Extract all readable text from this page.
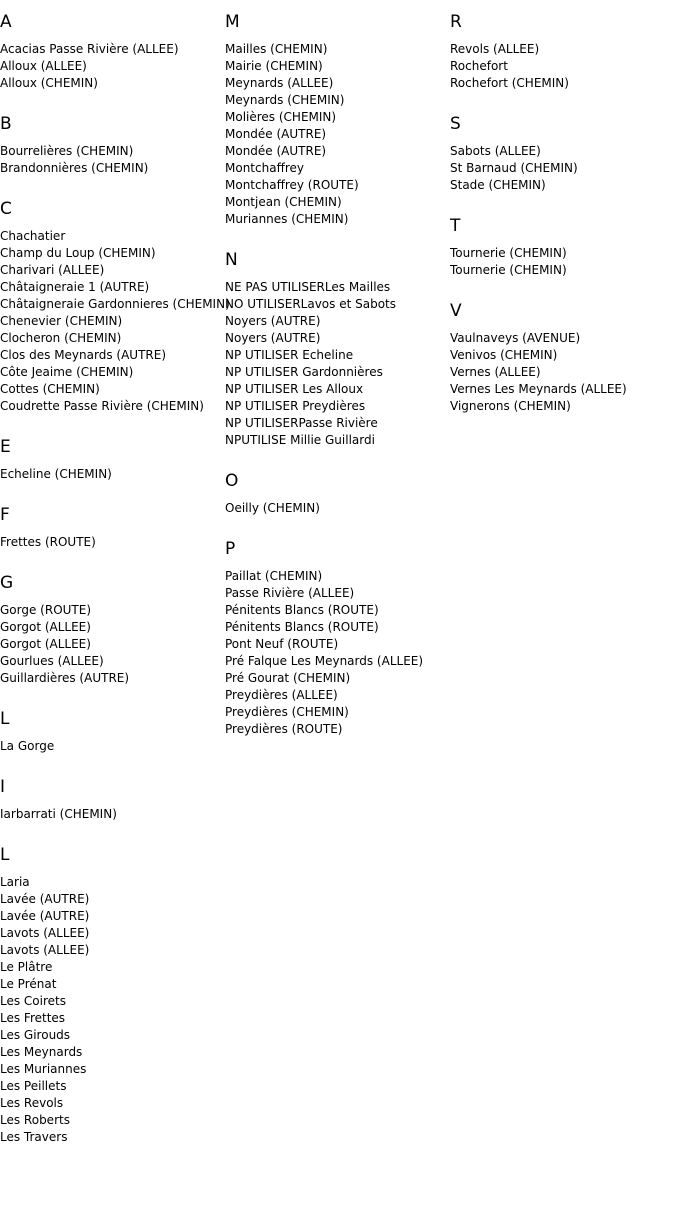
A
Acacias Passe Rivière (ALLEE)
Alloux (ALLEE)
Alloux (CHEMIN)
B
Bourrelières (CHEMIN)
Brandonnières (CHEMIN)
C
Chachatier
Champ du Loup (CHEMIN)
Charivari (ALLEE)
Châtaigneraie 1 (AUTRE)
Châtaigneraie Gardonnieres (CHEMIN)
Chenevier (CHEMIN)
Clocheron (CHEMIN)
Clos des Meynards (AUTRE)
Côte Jeaime (CHEMIN)
Cottes (CHEMIN)
Coudrette Passe Rivière (CHEMIN)
E
Echeline (CHEMIN)
F
Frettes (ROUTE)
G
Gorge (ROUTE)
Gorgot (ALLEE)
Gorgot (ALLEE)
Gourlues (ALLEE)
Guillardières (AUTRE)
L
La Gorge
I
Iarbarrati (CHEMIN)
L
Laria
Lavée (AUTRE)
Lavée (AUTRE)
Lavots (ALLEE)
Lavots (ALLEE)
Le Plâtre
Le Prénat
Les Coirets
Les Frettes
Les Girouds
Les Meynards
Les Muriannes
Les Peillets
Les Revols
Les Roberts
Les Travers
M
Mailles (CHEMIN)
Mairie (CHEMIN)
Meynards (ALLEE)
Meynards (CHEMIN)
Molières (CHEMIN)
Mondée (AUTRE)
Mondée (AUTRE)
Montchaffrey
Montchaffrey (ROUTE)
Montjean (CHEMIN)
Muriannes (CHEMIN)
N
NE PAS UTILISERLes Mailles
NO UTILISERLavos et Sabots
Noyers (AUTRE)
Noyers (AUTRE)
NP UTILISER Echeline
NP UTILISER Gardonnières
NP UTILISER Les Alloux
NP UTILISER Preydières
NP UTILISERPasse Rivière
NPUTILISE Millie Guillardi
O
Oeilly (CHEMIN)
P
Paillat (CHEMIN)
Passe Rivière (ALLEE)
Pénitents Blancs (ROUTE)
Pénitents Blancs (ROUTE)
Pont Neuf (ROUTE)
Pré Falque Les Meynards (ALLEE)
Pré Gourat (CHEMIN)
Preydières (ALLEE)
Preydières (CHEMIN)
Preydières (ROUTE)
R
Revols (ALLEE)
Rochefort
Rochefort (CHEMIN)
S
Sabots (ALLEE)
St Barnaud (CHEMIN)
Stade (CHEMIN)
T
Tournerie (CHEMIN)
Tournerie (CHEMIN)
V
Vaulnaveys (AVENUE)
Venivos (CHEMIN)
Vernes (ALLEE)
Vernes Les Meynards (ALLEE)
Vignerons (CHEMIN)
